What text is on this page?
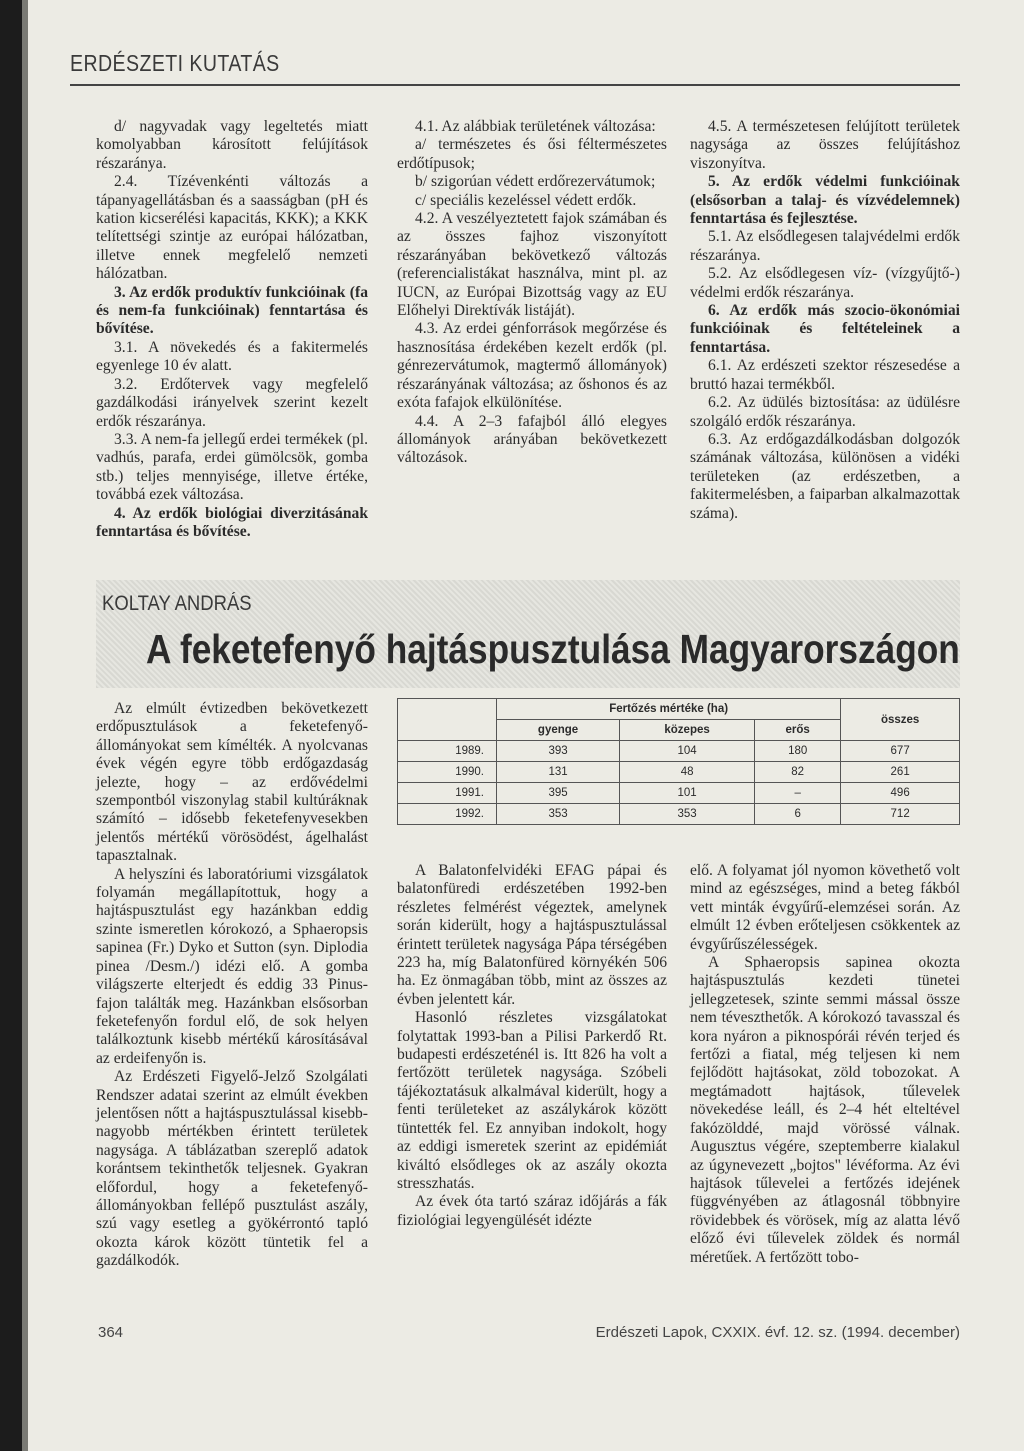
ERDÉSZETI KUTATÁS

d/ nagyvadak vagy legeltetés miatt komolyabban károsított felújítások részaránya.

2.4. Tízévenkénti változás a tápanyagellátásban és a saasságban (pH és kation kicserélési kapacitás, KKK); a KKK telítettségi szintje az európai hálózatban, illetve ennek megfelelő nemzeti hálózatban.

3. Az erdők produktív funkcióinak (fa és nem-fa funkcióinak) fenntartása és bővítése.

3.1. A növekedés és a fakitermelés egyenlege 10 év alatt.

3.2. Erdőtervek vagy megfelelő gazdálkodási irányelvek szerint kezelt erdők részaránya.

3.3. A nem-fa jellegű erdei termékek (pl. vadhús, parafa, erdei gümölcsök, gomba stb.) teljes mennyisége, illetve értéke, továbbá ezek változása.

4. Az erdők biológiai diverzitásának fenntartása és bővítése.

4.1. Az alábbiak területének változása:

a/ természetes és ősi féltermészetes erdőtípusok;

b/ szigorúan védett erdőrezervátumok;

c/ speciális kezeléssel védett erdők.

4.2. A veszélyeztetett fajok számában és az összes fajhoz viszonyított részarányában bekövetkező változás (referencialistákat használva, mint pl. az IUCN, az Európai Bizottság vagy az EU Előhelyi Direktívák listáját).

4.3. Az erdei génforrások megőrzése és hasznosítása érdekében kezelt erdők (pl. génrezervátumok, magtermő állományok) részarányának változása; az őshonos és az exóta fafajok elkülönítése.

4.4. A 2–3 fafajból álló elegyes állományok arányában bekövetkezett változások.

4.5. A természetesen felújított területek nagysága az összes felújításhoz viszonyítva.

5. Az erdők védelmi funkcióinak (elsősorban a talaj- és vízvédelemnek) fenntartása és fejlesztése.

5.1. Az elsődlegesen talajvédelmi erdők részaránya.

5.2. Az elsődlegesen víz- (vízgyűjtő-) védelmi erdők részaránya.

6. Az erdők más szocio-ökonómiai funkcióinak és feltételeinek a fenntartása.

6.1. Az erdészeti szektor részesedése a bruttó hazai termékből.

6.2. Az üdülés biztosítása: az üdülésre szolgáló erdők részaránya.

6.3. Az erdőgazdálkodásban dolgozók számának változása, különösen a vidéki területeken (az erdészetben, a fakitermelésben, a faiparban alkalmazottak száma).

KOLTAY ANDRÁS
A feketefenyő hajtáspusztulása Magyarországon

Az elmúlt évtizedben bekövetkezett erdőpusztulások a feketefenyő-állományokat sem kímélték. A nyolcvanas évek végén egyre több erdőgazdaság jelezte, hogy – az erdővédelmi szempontból viszonylag stabil kultúráknak számító – idősebb feketefenyvesekben jelentős mértékű vörösödést, ágelhalást tapasztalnak.

A helyszíni és laboratóriumi vizsgálatok folyamán megállapítottuk, hogy a hajtáspusztulást egy hazánkban eddig szinte ismeretlen kórokozó, a Sphaeropsis sapinea (Fr.) Dyko et Sutton (syn. Diplodia pinea /Desm./) idézi elő. A gomba világszerte elterjedt és eddig 33 Pinus-fajon találták meg. Hazánkban elsősorban feketefenyőn fordul elő, de sok helyen találkoztunk kisebb mértékű károsításával az erdeifenyőn is.

Az Erdészeti Figyelő-Jelző Szolgálati Rendszer adatai szerint az elmúlt években jelentősen nőtt a hajtáspusztulással kisebb-nagyobb mértékben érintett területek nagysága. A táblázatban szereplő adatok korántsem tekinthetők teljesnek. Gyakran előfordul, hogy a feketefenyő-állományokban fellépő pusztulást aszály, szú vagy esetleg a gyökérrontó tapló okozta károk között tüntetik fel a gazdálkodók.

	Fertőzés mértéke (ha)			összes
	gyenge	közepes	erős	
1989.	393	104	180	677
1990.	131	48	82	261
1991.	395	101	–	496
1992.	353	353	6	712

A Balatonfelvidéki EFAG pápai és balatonfüredi erdészetében 1992-ben részletes felmérést végeztek, amelynek során kiderült, hogy a hajtáspusztulással érintett területek nagysága Pápa térségében 223 ha, míg Balatonfüred környékén 506 ha. Ez önmagában több, mint az összes az évben jelentett kár.

Hasonló részletes vizsgálatokat folytattak 1993-ban a Pilisi Parkerdő Rt. budapesti erdészeténél is. Itt 826 ha volt a fertőzött területek nagysága. Szóbeli tájékoztatásuk alkalmával kiderült, hogy a fenti területeket az aszálykárok között tüntették fel. Ez annyiban indokolt, hogy az eddigi ismeretek szerint az epidémiát kiváltó elsődleges ok az aszály okozta stresszhatás.

Az évek óta tartó száraz időjárás a fák fiziológiai legyengülését idézte

elő. A folyamat jól nyomon követhető volt mind az egészséges, mind a beteg fákból vett minták évgyűrű-elemzései során. Az elmúlt 12 évben erőteljesen csökkentek az évgyűrűszélességek.

A Sphaeropsis sapinea okozta hajtáspusztulás kezdeti tünetei jellegzetesek, szinte semmi mással össze nem téveszthetők. A kórokozó tavasszal és kora nyáron a piknospórái révén terjed és fertőzi a fiatal, még teljesen ki nem fejlődött hajtásokat, zöld tobozokat. A megtámadott hajtások, tűlevelek növekedése leáll, és 2–4 hét elteltével fakózölddé, majd vörössé válnak. Augusztus végére, szeptemberre kialakul az úgynevezett „bojtos" lévéforma. Az évi hajtások tűlevelei a fertőzés idejének függvényében az átlagosnál többnyire rövidebbek és vörösek, míg az alatta lévő előző évi tűlevelek zöldek és normál méretűek. A fertőzött tobo-

364	Erdészeti Lapok, CXXIX. évf. 12. sz. (1994. december)
